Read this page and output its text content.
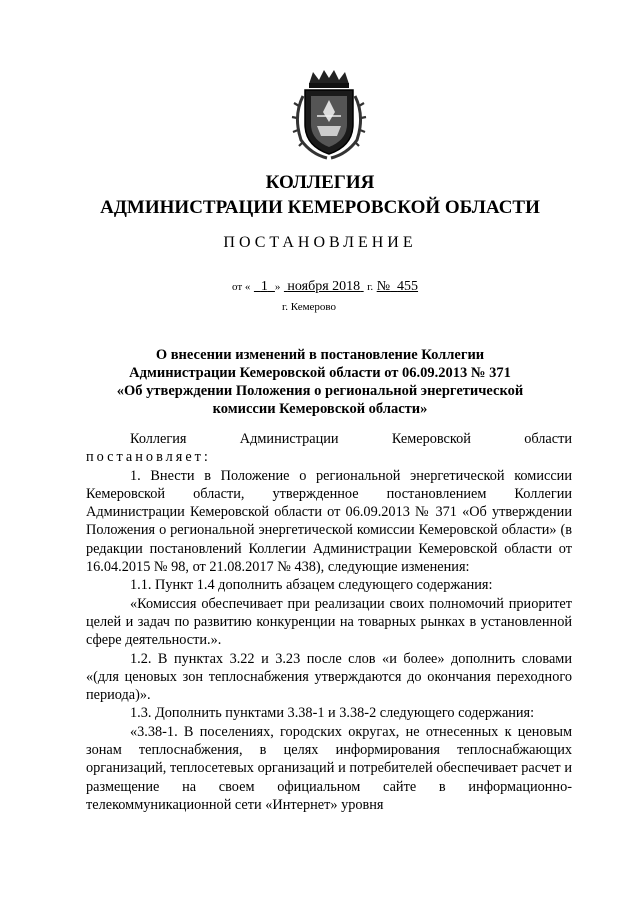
КОЛЛЕГИЯ
АДМИНИСТРАЦИИ КЕМЕРОВСКОЙ ОБЛАСТИ
ПОСТАНОВЛЕНИЕ
от « 1 » ноября 2018 г. № 455
г. Кемерово
О внесении изменений в постановление Коллегии
Администрации Кемеровской области от 06.09.2013 № 371
«Об утверждении Положения о региональной энергетической
комиссии Кемеровской области»

Коллегия Администрации Кемеровской области

постановляет:

1. Внести в Положение о региональной энергетической комиссии Кемеровской области, утвержденное постановлением Коллегии Администрации Кемеровской области от 06.09.2013 № 371 «Об утверждении Положения о региональной энергетической комиссии Кемеровской области» (в редакции постановлений Коллегии Администрации Кемеровской области от 16.04.2015 № 98, от 21.08.2017 № 438), следующие изменения:

1.1. Пункт 1.4 дополнить абзацем следующего содержания:

«Комиссия обеспечивает при реализации своих полномочий приоритет целей и задач по развитию конкуренции на товарных рынках в установленной сфере деятельности.».

1.2. В пунктах 3.22 и 3.23 после слов «и более» дополнить словами «(для ценовых зон теплоснабжения утверждаются до окончания переходного периода)».

1.3. Дополнить пунктами 3.38-1 и 3.38-2 следующего содержания:

«3.38-1. В поселениях, городских округах, не отнесенных к ценовым зонам теплоснабжения, в целях информирования теплоснабжающих организаций, теплосетевых организаций и потребителей обеспечивает расчет и размещение на своем официальном сайте в информационно-телекоммуникационной сети «Интернет» уровня
